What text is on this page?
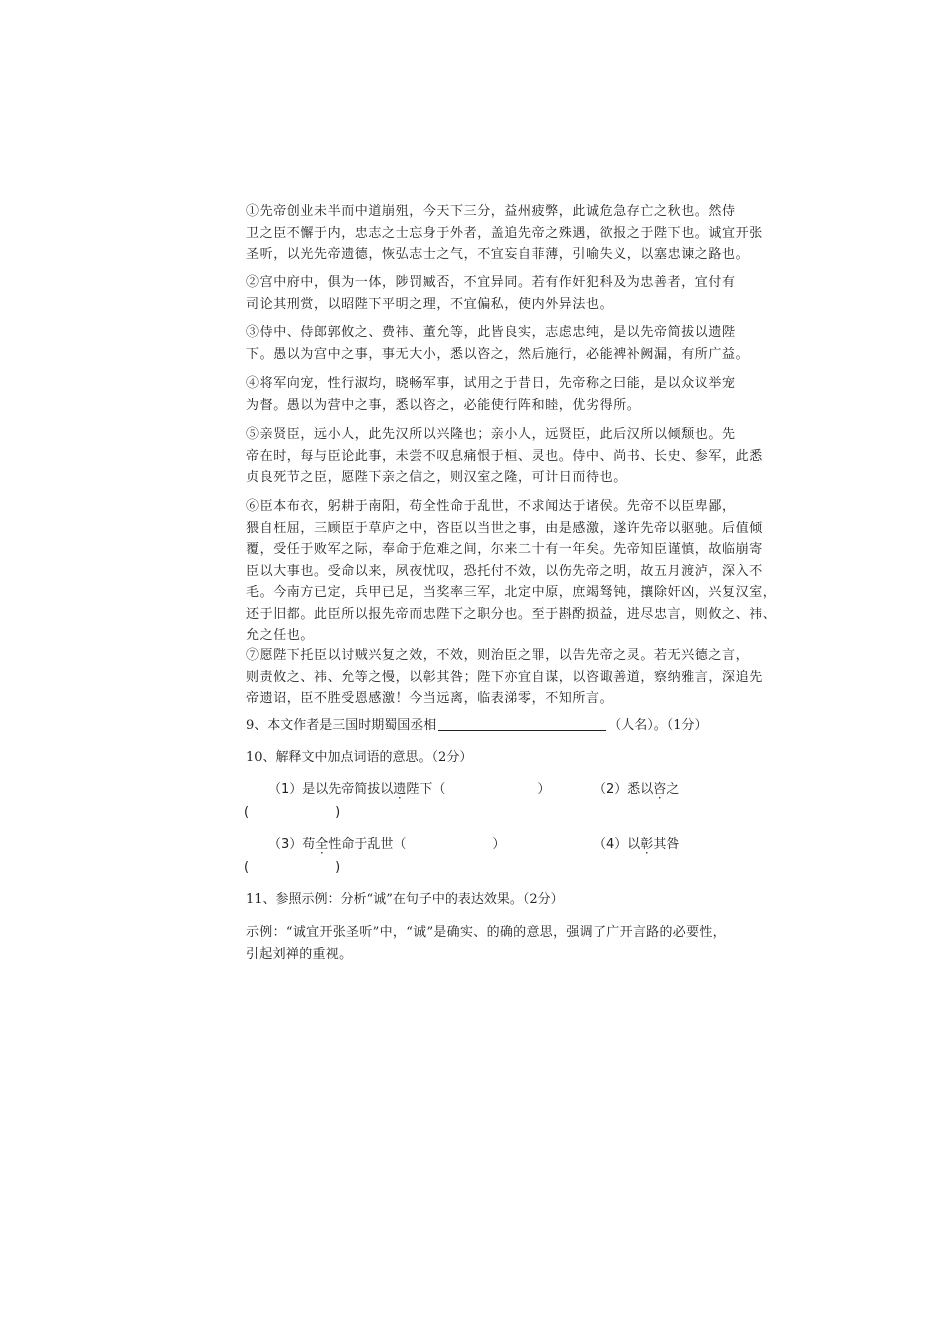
①先帝创业未半而中道崩殂，今天下三分，益州疲弊，此诚危急存亡之秋也。然侍
卫之臣不懈于内，忠志之士忘身于外者，盖追先帝之殊遇，欲报之于陛下也。诚宜开张
圣听，以光先帝遗德，恢弘志士之气，不宜妄自菲薄，引喻失义，以塞忠谏之路也。
②宫中府中，俱为一体，陟罚臧否，不宜异同。若有作奸犯科及为忠善者，宜付有
司论其刑赏，以昭陛下平明之理，不宜偏私，使内外异法也。
③侍中、侍郎郭攸之、费祎、董允等，此皆良实，志虑忠纯，是以先帝简拔以遗陛
下。愚以为宫中之事，事无大小，悉以咨之，然后施行，必能裨补阙漏，有所广益。
④将军向宠，性行淑均，晓畅军事，试用之于昔日，先帝称之曰能，是以众议举宠
为督。愚以为营中之事，悉以咨之，必能使行阵和睦，优劣得所。
⑤亲贤臣，远小人，此先汉所以兴隆也；亲小人，远贤臣，此后汉所以倾颓也。先
帝在时，每与臣论此事，未尝不叹息痛恨于桓、灵也。侍中、尚书、长史、参军，此悉
贞良死节之臣，愿陛下亲之信之，则汉室之隆，可计日而待也。
⑥臣本布衣，躬耕于南阳，苟全性命于乱世，不求闻达于诸侯。先帝不以臣卑鄙，
猥自枉屈，三顾臣于草庐之中，咨臣以当世之事，由是感激，遂许先帝以驱驰。后值倾
覆，受任于败军之际，奉命于危难之间，尔来二十有一年矣。先帝知臣谨慎，故临崩寄
臣以大事也。受命以来，夙夜忧叹，恐托付不效，以伤先帝之明，故五月渡泸，深入不
毛。今南方已定，兵甲已足，当奖率三军，北定中原，庶竭驽钝，攘除奸凶，兴复汉室，
还于旧都。此臣所以报先帝而忠陛下之职分也。至于斟酌损益，进尽忠言，则攸之、祎、
允之任也。
⑦愿陛下托臣以讨贼兴复之效，不效，则治臣之罪，以告先帝之灵。若无兴德之言，
则责攸之、祎、允等之慢，以彰其咎；陛下亦宜自谋，以咨诹善道，察纳雅言，深追先
帝遗诏，臣不胜受恩感激！今当远离，临表涕零，不知所言。
9、本文作者是三国时期蜀国丞相	（人名）。（1分）
10、解释文中加点词语的意思。（2分）
（1）是以先帝简拔以遗陛下（	）	（2）悉以咨之
(	)
（3）苟全性命于乱世（	）	（4）以彰其咎
(	)
11、参照示例：分析“诚”在句子中的表达效果。（2分）
示例：“诚宜开张圣听”中，“诚”是确实、的确的意思，强调了广开言路的必要性，
引起刘禅的重视。
